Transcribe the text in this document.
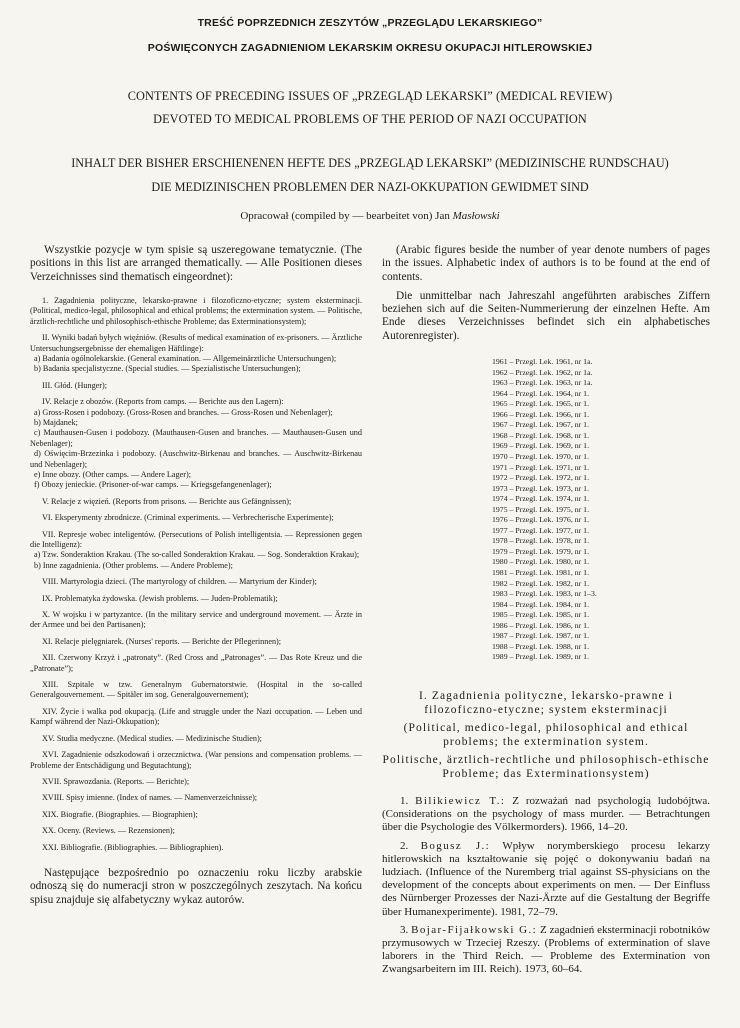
TREŚĆ POPRZEDNICH ZESZYTÓW „PRZEGLĄDU LEKARSKIEGO”

POŚWIĘCONYCH ZAGADNIENIOM LEKARSKIM OKRESU OKUPACJI HITLEROWSKIEJ

CONTENTS OF PRECEDING ISSUES OF „PRZEGLĄD LEKARSKI” (MEDICAL REVIEW)

DEVOTED TO MEDICAL PROBLEMS OF THE PERIOD OF NAZI OCCUPATION

INHALT DER BISHER ERSCHIENENEN HEFTE DES „PRZEGLĄD LEKARSKI” (MEDIZINISCHE RUNDSCHAU)

DIE MEDIZINISCHEN PROBLEMEN DER NAZI-OKKUPATION GEWIDMET SIND

Opracował (compiled by — bearbeitet von) Jan Masłowski

Wszystkie pozycje w tym spisie są uszeregowane tematycznie. (The positions in this list are arranged thematically. — Alle Positionen dieses Verzeichnisses sind thematisch eingeordnet):

1. Zagadnienia polityczne, lekarsko-prawne i filozoficzno-etyczne; system eksterminacji. (Political, medico-legal, philosophical and ethical problems; the extermination system. — Politische, ärztlich-rechtliche und philosophisch-ethische Probleme; das Exterminationsystem);

II. Wyniki badań byłych więźniów. (Results of medical examination of ex-prisoners. — Ärztliche Untersuchungsergebnisse der ehemaligen Häftlinge):

a) Badania ogólnolekarskie. (General examination. — Allgemeinärztliche Untersuchungen);

b) Badania specjalistyczne. (Special studies. — Spezialistische Untersuchungen);

III. Głód. (Hunger);

IV. Relacje z obozów. (Reports from camps. — Berichte aus den Lagern):

a) Gross-Rosen i podobozy. (Gross-Rosen and branches. — Gross-Rosen und Nebenlager);

b) Majdanek;

c) Mauthausen-Gusen i podobozy. (Mauthausen-Gusen and branches. — Mauthausen-Gusen und Nebenlager);

d) Oświęcim-Brzezinka i podobozy. (Auschwitz-Birkenau and branches. — Auschwitz-Birkenau und Nebenlager);

e) Inne obozy. (Other camps. — Andere Lager);

f) Obozy jenieckie. (Prisoner-of-war camps. — Kriegsgefangenenlager);

V. Relacje z więzień. (Reports from prisons. — Berichte aus Gefängnissen);

VI. Eksperymenty zbrodnicze. (Criminal experiments. — Verbrecherische Experimente);

VII. Represje wobec inteligentów. (Persecutions of Polish intelligentsia. — Repressionen gegen die Intelligenz):

a) Tzw. Sonderaktion Krakau. (The so-called Sonderaktion Krakau. — Sog. Sonderaktion Krakau);

b) Inne zagadnienia. (Other problems. — Andere Probleme);

VIII. Martyrologia dzieci. (The martyrology of children. — Martyrium der Kinder);

IX. Problematyka żydowska. (Jewish problems. — Juden-Problematik);

X. W wojsku i w partyzantce. (In the military service and underground movement. — Ärzte in der Armee und bei den Partisanen);

XI. Relacje pielęgniarek. (Nurses' reports. — Berichte der Pflegerinnen);

XII. Czerwony Krzyż i „patronaty”. (Red Cross and „Patronages”. — Das Rote Kreuz und die „Patronate”);

XIII. Szpitale w tzw. Generalnym Gubernatorstwie. (Hospital in the so-called Generalgouvernement. — Spitäler im sog. Generalgouvernement);

XIV. Życie i walka pod okupacją. (Life and struggle under the Nazi occupation. — Leben und Kampf während der Nazi-Okkupation);

XV. Studia medyczne. (Medical studies. — Medizinische Studien);

XVI. Zagadnienie odszkodowań i orzecznictwa. (War pensions and compensation problems. — Probleme der Entschädigung und Begutachtung);

XVII. Sprawozdania. (Reports. — Berichte);

XVIII. Spisy imienne. (Index of names. — Namenverzeichnisse);

XIX. Biografie. (Biographies. — Biographien);

XX. Oceny. (Reviews. — Rezensionen);

XXI. Bibliografie. (Bibliographies. — Bibliographien).

Następujące bezpośrednio po oznaczeniu roku liczby arabskie odnoszą się do numeracji stron w poszczególnych zeszytach. Na końcu spisu znajduje się alfabetyczny wykaz autorów.

(Arabic figures beside the number of year denote numbers of pages in the issues. Alphabetic index of authors is to be found at the end of contents.

Die unmittelbar nach Jahreszahl angeführten arabisches Ziffern beziehen sich auf die Seiten-Nummerierung der einzelnen Hefte. Am Ende dieses Verzeichnisses befindet sich ein alphabetisches Autorenregister).

1961 – Przegl. Lek. 1961, nr 1a.
1962 – Przegl. Lek. 1962, nr 1a.
1963 – Przegl. Lek. 1963, nr 1a.
1964 – Przegl. Lek. 1964, nr 1.
1965 – Przegl. Lek. 1965, nr 1.
1966 – Przegl. Lek. 1966, nr 1.
1967 – Przegl. Lek. 1967, nr 1.
1968 – Przegl. Lek. 1968, nr 1.
1969 – Przegl. Lek. 1969, nr 1.
1970 – Przegl. Lek. 1970, nr 1.
1971 – Przegl. Lek. 1971, nr 1.
1972 – Przegl. Lek. 1972, nr 1.
1973 – Przegl. Lek. 1973, nr 1.
1974 – Przegl. Lek. 1974, nr 1.
1975 – Przegl. Lek. 1975, nr 1.
1976 – Przegl. Lek. 1976, nr 1.
1977 – Przegl. Lek. 1977, nr 1.
1978 – Przegl. Lek. 1978, nr 1.
1979 – Przegl. Lek. 1979, nr 1.
1980 – Przegl. Lek. 1980, nr 1.
1981 – Przegl. Lek. 1981, nr 1.
1982 – Przegl. Lek. 1982, nr 1.
1983 – Przegl. Lek. 1983, nr 1–3.
1984 – Przegl. Lek. 1984, nr 1.
1985 – Przegl. Lek. 1985, nr 1.
1986 – Przegl. Lek. 1986, nr 1.
1987 – Przegl. Lek. 1987, nr 1.
1988 – Przegl. Lek. 1988, nr 1.
1989 – Przegl. Lek. 1989, nr 1.

I. Zagadnienia polityczne, lekarsko-prawne i filozoficzno-etyczne; system eksterminacji

(Political, medico-legal, philosophical and ethical problems; the extermination system.

Politische, ärztlich-rechtliche und philosophisch-ethische Probleme; das Exterminationsystem)

1. Bilikiewicz T.: Z rozważań nad psychologią ludobójtwa. (Considerations on the psychology of mass murder. — Betrachtungen über die Psychologie des Völkermorders). 1966, 14–20.

2. Bogusz J.: Wpływ norymberskiego procesu lekarzy hitlerowskich na kształtowanie się pojęć o dokonywaniu badań na ludziach. (Influence of the Nuremberg trial against SS-physicians on the development of the concepts about experiments on men. — Der Einfluss des Nürnberger Prozesses der Nazi-Ärzte auf die Gestaltung der Begriffe über Humanexperimente). 1981, 72–79.

3. Bojar-Fijałkowski G.: Z zagadnień eksterminacji robotników przymusowych w Trzeciej Rzeszy. (Problems of extermination of slave laborers in the Third Reich. — Probleme des Extermination von Zwangsarbeitern im III. Reich). 1973, 60–64.
